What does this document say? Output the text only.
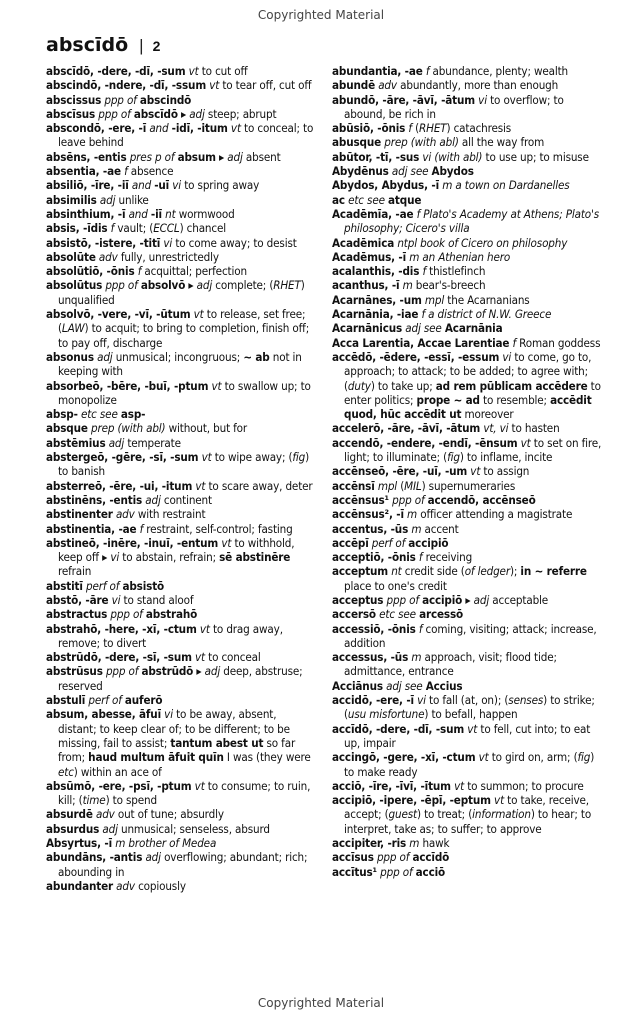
Copyrighted Material
abscīdō | 2

abscīdō, -dere, -dī, -sum vt to cut off

abscindō, -ndere, -dī, -ssum vt to tear off, cut off

abscissus ppp of abscindō

abscīsus ppp of abscīdō ▸ adj steep; abrupt

abscondō, -ere, -ī and -idī, -itum vt to conceal; to leave behind

absēns, -entis pres p of absum ▸ adj absent

absentia, -ae f absence

absiliō, -īre, -iī and -uī vi to spring away

absimilis adj unlike

absinthium, -ī and -iī nt wormwood

absis, -īdis f vault; (ECCL) chancel

absistō, -istere, -titī vi to come away; to desist

absolūte adv fully, unrestrictedly

absolūtiō, -ōnis f acquittal; perfection

absolūtus ppp of absolvō ▸ adj complete; (RHET) unqualified

absolvō, -vere, -vī, -ūtum vt to release, set free; (LAW) to acquit; to bring to completion, finish off; to pay off, discharge

absonus adj unmusical; incongruous; ~ ab not in keeping with

absorbeō, -bēre, -buī, -ptum vt to swallow up; to monopolize

absp- etc see asp-

absque prep (with abl) without, but for

abstēmius adj temperate

abstergeō, -gēre, -sī, -sum vt to wipe away; (fig) to banish

absterreō, -ēre, -ui, -itum vt to scare away, deter

abstinēns, -entis adj continent

abstinenter adv with restraint

abstinentia, -ae f restraint, self-control; fasting

abstineō, -inēre, -inuī, -entum vt to withhold, keep off ▸ vi to abstain, refrain; sē abstinēre refrain

abstitī perf of absistō

abstō, -āre vi to stand aloof

abstractus ppp of abstrahō

abstrahō, -here, -xī, -ctum vt to drag away, remove; to divert

abstrūdō, -dere, -sī, -sum vt to conceal

abstrūsus ppp of abstrūdō ▸ adj deep, abstruse; reserved

abstulī perf of auferō

absum, abesse, āfuī vi to be away, absent, distant; to keep clear of; to be different; to be missing, fail to assist; tantum abest ut so far from; haud multum āfuit quīn I was (they were etc) within an ace of

absūmō, -ere, -psī, -ptum vt to consume; to ruin, kill; (time) to spend

absurdē adv out of tune; absurdly

absurdus adj unmusical; senseless, absurd

Absyrtus, -ī m brother of Medea

abundāns, -antis adj overflowing; abundant; rich; abounding in

abundanter adv copiously

abundantia, -ae f abundance, plenty; wealth

abundē adv abundantly, more than enough

abundō, -āre, -āvī, -ātum vi to overflow; to abound, be rich in

abūsiō, -ōnis f (RHET) catachresis

abusque prep (with abl) all the way from

abūtor, -tī, -sus vi (with abl) to use up; to misuse

Abydēnus adj see Abydos

Abydos, Abydus, -ī m a town on Dardanelles

ac etc see atque

Acadēmīa, -ae f Plato's Academy at Athens; Plato's philosophy; Cicero's villa

Acadēmica ntpl book of Cicero on philosophy

Acadēmus, -ī m an Athenian hero

acalanthis, -dis f thistlefinch

acanthus, -ī m bear's-breech

Acarnānes, -um mpl the Acarnanians

Acarnānia, -iae f a district of N.W. Greece

Acarnānicus adj see Acarnānia

Acca Larentia, Accae Larentiae f Roman goddess

accēdō, -ēdere, -essī, -essum vi to come, go to, approach; to attack; to be added; to agree with; (duty) to take up; ad rem pūblicam accēdere to enter politics; prope ~ ad to resemble; accēdit quod, hūc accēdit ut moreover

accelerō, -āre, -āvī, -ātum vt, vi to hasten

accendō, -endere, -endī, -ēnsum vt to set on fire, light; to illuminate; (fig) to inflame, incite

accēnseō, -ēre, -uī, -um vt to assign

accēnsī mpl (MIL) supernumeraries

accēnsus¹ ppp of accendō, accēnseō

accēnsus², -ī m officer attending a magistrate

accentus, -ūs m accent

accēpī perf of accipiō

acceptiō, -ōnis f receiving

acceptum nt credit side (of ledger); in ~ referre place to one's credit

acceptus ppp of accipiō ▸ adj acceptable

accersō etc see arcessō

accessiō, -ōnis f coming, visiting; attack; increase, addition

accessus, -ūs m approach, visit; flood tide; admittance, entrance

Acciānus adj see Accius

accidō, -ere, -ī vi to fall (at, on); (senses) to strike; (usu misfortune) to befall, happen

accīdō, -dere, -dī, -sum vt to fell, cut into; to eat up, impair

accingō, -gere, -xī, -ctum vt to gird on, arm; (fig) to make ready

acciō, -īre, -īvī, -ītum vt to summon; to procure

accipiō, -ipere, -ēpī, -eptum vt to take, receive, accept; (guest) to treat; (information) to hear; to interpret, take as; to suffer; to approve

accipiter, -ris m hawk

accīsus ppp of accīdō

accītus¹ ppp of acciō

Copyrighted Material
